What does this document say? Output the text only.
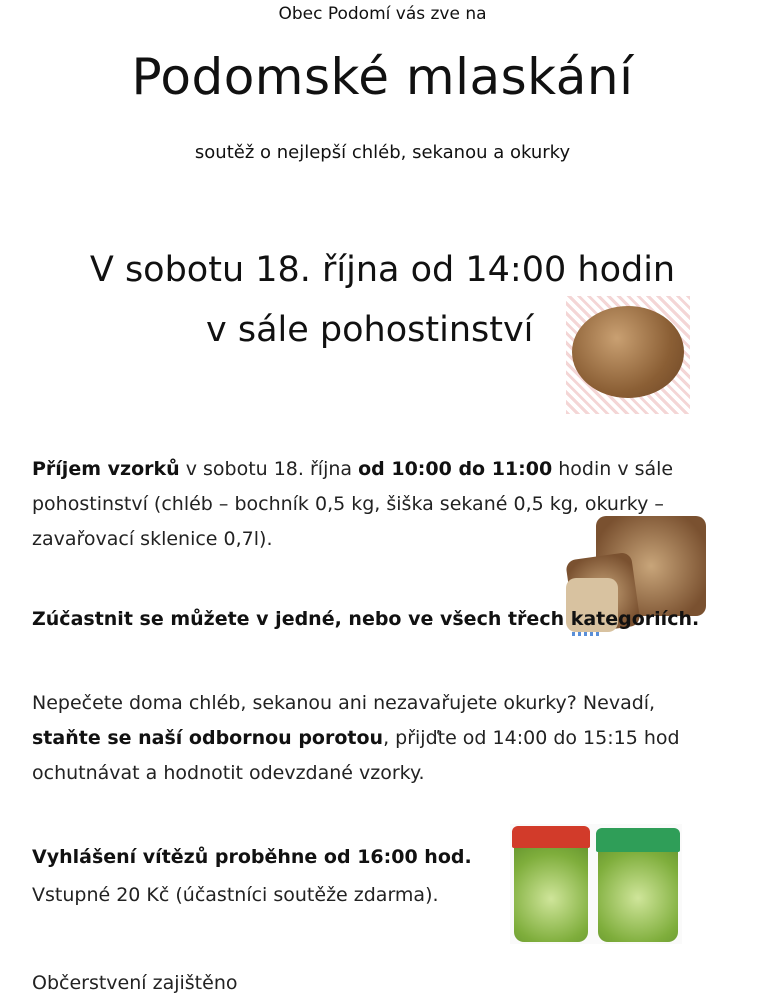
Obec Podomí vás zve na
Podomské mlaskání
soutěž o nejlepší chléb, sekanou a okurky
V sobotu 18. října od 14:00 hodin
v sále pohostinství
Příjem vzorků v sobotu 18. října od 10:00 do 11:00 hodin v sále pohostinství (chléb – bochník 0,5 kg, šiška sekané 0,5 kg, okurky – zavařovací sklenice 0,7l).
Zúčastnit se můžete v jedné, nebo ve všech třech kategoriích.
Nepečete doma chléb, sekanou ani nezavařujete okurky? Nevadí, staňte se naší odbornou porotou, přijďte od 14:00 do 15:15 hod ochutnávat a hodnotit odevzdané vzorky.
Vyhlášení vítězů proběhne od 16:00 hod.
Vstupné 20 Kč (účastníci soutěže zdarma).
Občerstvení zajištěno
